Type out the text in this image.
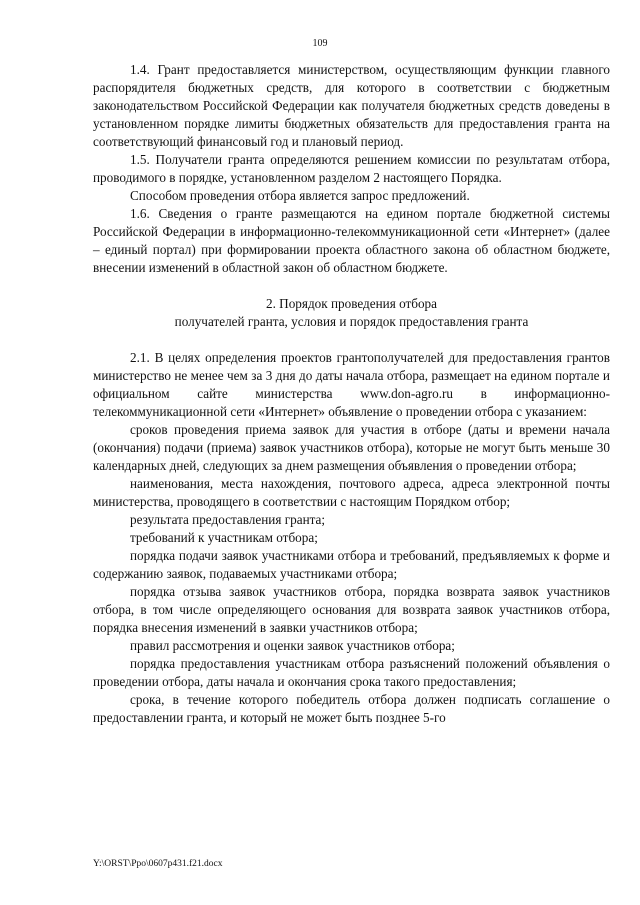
109

1.4. Грант предоставляется министерством, осуществляющим функции главного распорядителя бюджетных средств, для которого в соответствии с бюджетным законодательством Российской Федерации как получателя бюджетных средств доведены в установленном порядке лимиты бюджетных обязательств для предоставления гранта на соответствующий финансовый год и плановый период.

1.5. Получатели гранта определяются решением комиссии по результатам отбора, проводимого в порядке, установленном разделом 2 настоящего Порядка.

Способом проведения отбора является запрос предложений.

1.6. Сведения о гранте размещаются на едином портале бюджетной системы Российской Федерации в информационно-телекоммуникационной сети «Интернет» (далее – единый портал) при формировании проекта областного закона об областном бюджете, внесении изменений в областной закон об областном бюджете.

2. Порядок проведения отбора

получателей гранта, условия и порядок предоставления гранта

2.1. В целях определения проектов грантополучателей для предоставления грантов министерство не менее чем за 3 дня до даты начала отбора, размещает на едином портале и официальном сайте министерства www.don-agro.ru в информационно-телекоммуникационной сети «Интернет» объявление о проведении отбора с указанием:

сроков проведения приема заявок для участия в отборе (даты и времени начала (окончания) подачи (приема) заявок участников отбора), которые не могут быть меньше 30 календарных дней, следующих за днем размещения объявления о проведении отбора;

наименования, места нахождения, почтового адреса, адреса электронной почты министерства, проводящего в соответствии с настоящим Порядком отбор;

результата предоставления гранта;

требований к участникам отбора;

порядка подачи заявок участниками отбора и требований, предъявляемых к форме и содержанию заявок, подаваемых участниками отбора;

порядка отзыва заявок участников отбора, порядка возврата заявок участников отбора, в том числе определяющего основания для возврата заявок участников отбора, порядка внесения изменений в заявки участников отбора;

правил рассмотрения и оценки заявок участников отбора;

порядка предоставления участникам отбора разъяснений положений объявления о проведении отбора, даты начала и окончания срока такого предоставления;

срока, в течение которого победитель отбора должен подписать соглашение о предоставлении гранта, и который не может быть позднее 5-го

Y:\ORST\Ppo\0607p431.f21.docx
